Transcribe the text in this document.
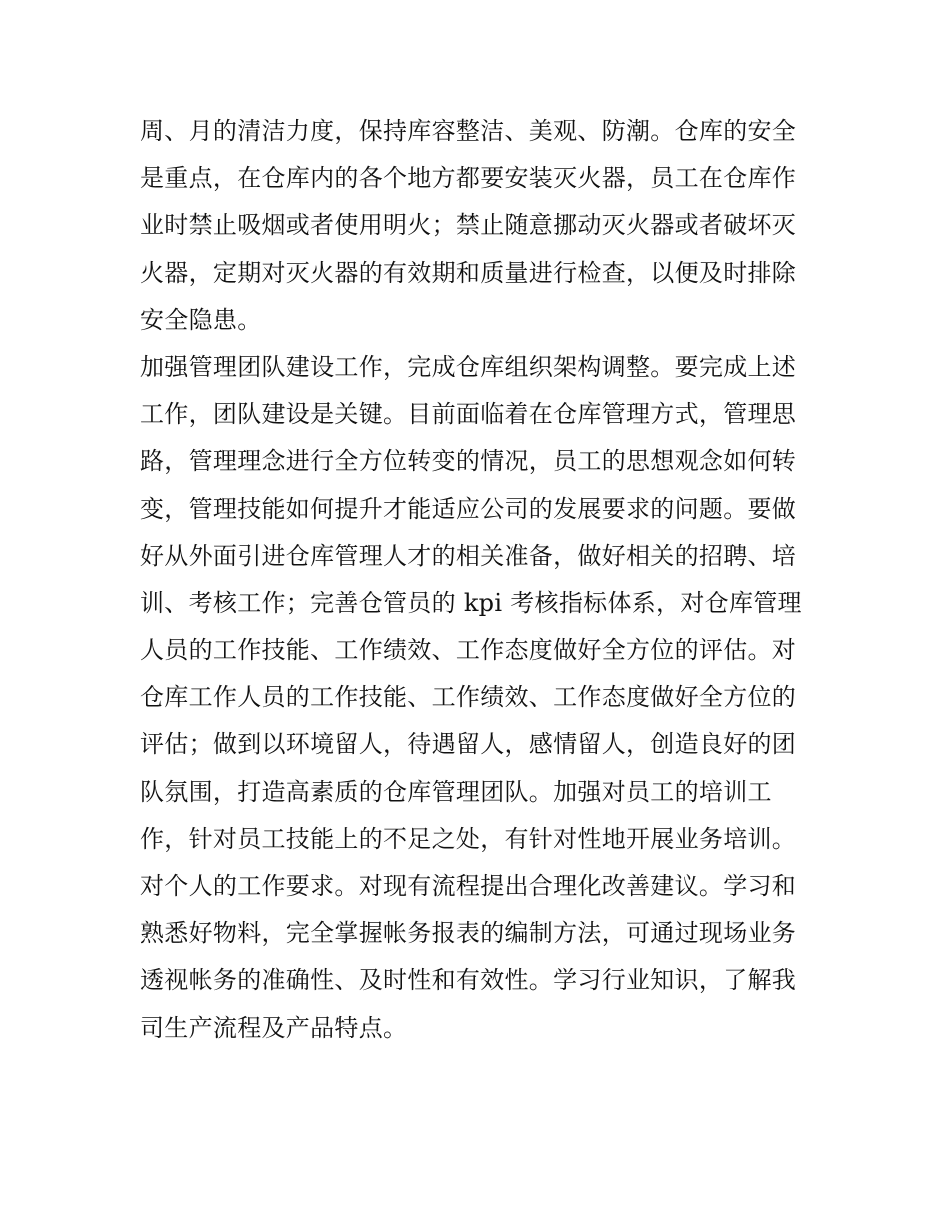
周、月的清洁力度，保持库容整洁、美观、防潮。仓库的安全
是重点，在仓库内的各个地方都要安装灭火器，员工在仓库作
业时禁止吸烟或者使用明火；禁止随意挪动灭火器或者破坏灭
火器，定期对灭火器的有效期和质量进行检查，以便及时排除
安全隐患。
加强管理团队建设工作，完成仓库组织架构调整。要完成上述
工作，团队建设是关键。目前面临着在仓库管理方式，管理思
路，管理理念进行全方位转变的情况，员工的思想观念如何转
变，管理技能如何提升才能适应公司的发展要求的问题。要做
好从外面引进仓库管理人才的相关准备，做好相关的招聘、培
训、考核工作；完善仓管员的 kpi 考核指标体系，对仓库管理
人员的工作技能、工作绩效、工作态度做好全方位的评估。对
仓库工作人员的工作技能、工作绩效、工作态度做好全方位的
评估；做到以环境留人，待遇留人，感情留人，创造良好的团
队氛围，打造高素质的仓库管理团队。加强对员工的培训工
作，针对员工技能上的不足之处，有针对性地开展业务培训。
对个人的工作要求。对现有流程提出合理化改善建议。学习和
熟悉好物料，完全掌握帐务报表的编制方法，可通过现场业务
透视帐务的准确性、及时性和有效性。学习行业知识，了解我
司生产流程及产品特点。
